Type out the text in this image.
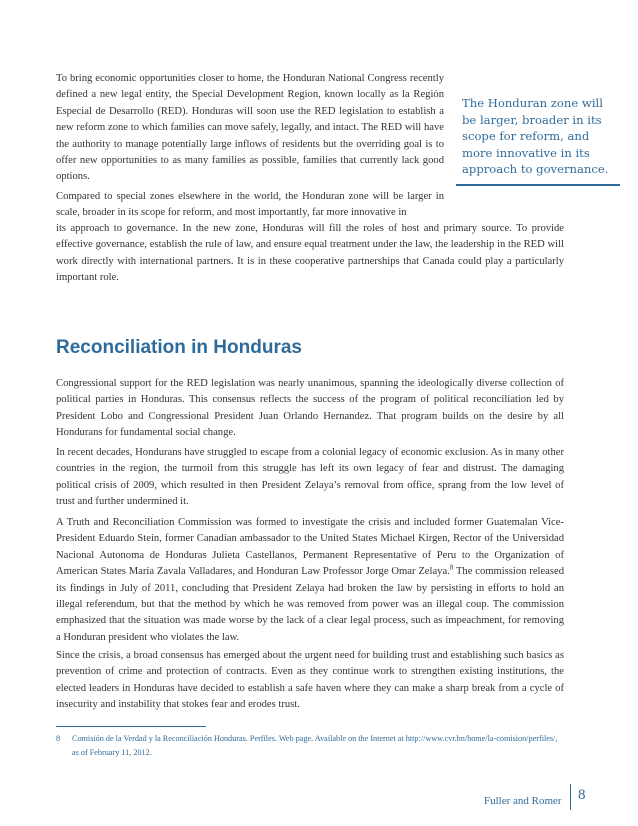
To bring economic opportunities closer to home, the Honduran National Congress recently defined a new legal entity, the Special Development Region, known locally as la Región Especial de Desarrollo (RED). Honduras will soon use the RED legislation to establish a new reform zone to which families can move safely, legally, and intact. The RED will have the authority to manage potentially large inflows of residents but the overriding goal is to offer new opportunities to as many families as possible, families that currently lack good options.

The Honduran zone will be larger, broader in its scope for reform, and more innovative in its approach to governance.

Compared to special zones elsewhere in the world, the Honduran zone will be larger in scale, broader in its scope for reform, and most importantly, far more innovative in

its approach to governance. In the new zone, Honduras will fill the roles of host and primary source. To provide effective governance, establish the rule of law, and ensure equal treatment under the law, the leadership in the RED will work directly with international partners. It is in these cooperative partnerships that Canada could play a particularly important role.

Reconciliation in Honduras

Congressional support for the RED legislation was nearly unanimous, spanning the ideologically diverse collection of political parties in Honduras. This consensus reflects the success of the program of political reconciliation led by President Lobo and Congressional President Juan Orlando Hernandez. That program builds on the desire by all Hondurans for fundamental social change.

In recent decades, Hondurans have struggled to escape from a colonial legacy of economic exclusion. As in many other countries in the region, the turmoil from this struggle has left its own legacy of fear and distrust. The damaging political crisis of 2009, which resulted in then President Zelaya’s removal from office, sprang from the low level of trust and further undermined it.

A Truth and Reconciliation Commission was formed to investigate the crisis and included former Guatemalan Vice-President Eduardo Stein, former Canadian ambassador to the United States Michael Kirgen, Rector of the Universidad Nacional Autonoma de Honduras Julieta Castellanos, Permanent Representative of Peru to the Organization of American States María Zavala Valladares, and Honduran Law Professor Jorge Omar Zelaya.$^8$ The commission released its findings in July of 2011, concluding that President Zelaya had broken the law by persisting in efforts to hold an illegal referendum, but that the method by which he was removed from power was an illegal coup. The commission emphasized that the situation was made worse by the lack of a clear legal process, such as impeachment, for removing a Honduran president who violates the law.

Since the crisis, a broad consensus has emerged about the urgent need for building trust and establishing such basics as prevention of crime and protection of contracts. Even as they continue work to strengthen existing institutions, the elected leaders in Honduras have decided to establish a safe haven where they can make a sharp break from a cycle of insecurity and instability that stokes fear and erodes trust.

8	Comisión de la Verdad y la Reconciliación Honduras. Perfiles. Web page. Available on the Internet at http://www.cvr.hn/home/la-comision/perfiles/, as of February 11, 2012.
Fuller and Romer 8
